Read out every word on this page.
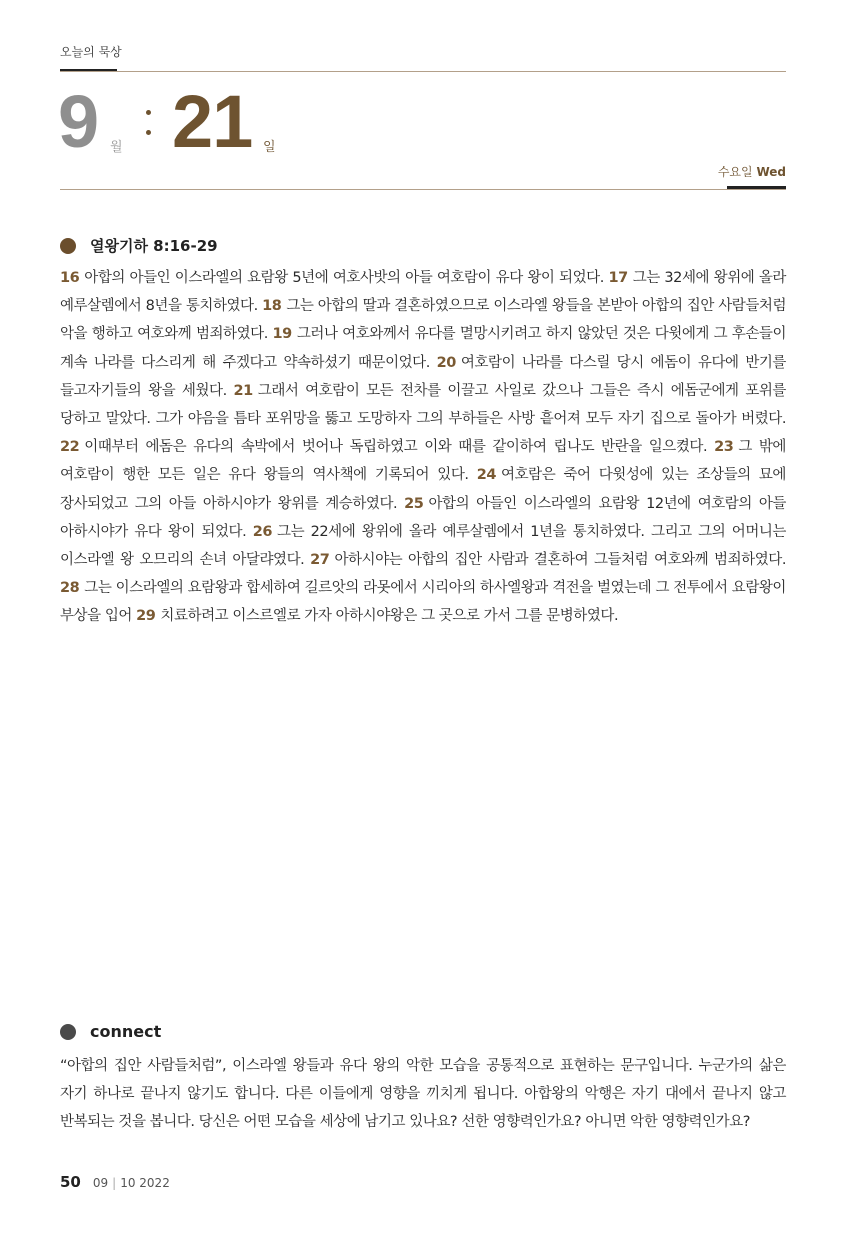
오늘의 묵상
9 월 21 일
수요일 Wed
열왕기하 8:16-29
16 아합의 아들인 이스라엘의 요람왕 5년에 여호사밧의 아들 여호람이 유다 왕이 되었다. 17 그는 32세에 왕위에 올라 예루살렘에서 8년을 통치하였다. 18 그는 아합의 딸과 결혼하였으므로 이스라엘 왕들을 본받아 아합의 집안 사람들처럼 악을 행하고 여호와께 범죄하였다. 19 그러나 여호와께서 유다를 멸망시키려고 하지 않았던 것은 다윗에게 그 후손들이 계속 나라를 다스리게 해 주겠다고 약속하셨기 때문이었다. 20 여호람이 나라를 다스릴 당시 에돔이 유다에 반기를 들고자기들의 왕을 세웠다. 21 그래서 여호람이 모든 전차를 이끌고 사일로 갔으나 그들은 즉시 에돔군에게 포위를 당하고 말았다. 그가 야음을 틈타 포위망을 뚫고 도망하자 그의 부하들은 사방 흩어져 모두 자기 집으로 돌아가 버렸다. 22 이때부터 에돔은 유다의 속박에서 벗어나 독립하였고 이와 때를 같이하여 립나도 반란을 일으켰다. 23 그 밖에 여호람이 행한 모든 일은 유다 왕들의 역사책에 기록되어 있다. 24 여호람은 죽어 다윗성에 있는 조상들의 묘에 장사되었고 그의 아들 아하시야가 왕위를 계승하였다. 25 아합의 아들인 이스라엘의 요람왕 12년에 여호람의 아들 아하시야가 유다 왕이 되었다. 26 그는 22세에 왕위에 올라 예루살렘에서 1년을 통치하였다. 그리고 그의 어머니는 이스라엘 왕 오므리의 손녀 아달랴였다. 27 아하시야는 아합의 집안 사람과 결혼하여 그들처럼 여호와께 범죄하였다. 28 그는 이스라엘의 요람왕과 합세하여 길르앗의 라못에서 시리아의 하사엘왕과 격전을 벌였는데 그 전투에서 요람왕이 부상을 입어 29 치료하려고 이스르엘로 가자 아하시야왕은 그 곳으로 가서 그를 문병하였다.
connect
“아합의 집안 사람들처럼”, 이스라엘 왕들과 유다 왕의 악한 모습을 공통적으로 표현하는 문구입니다. 누군가의 삶은 자기 하나로 끝나지 않기도 합니다. 다른 이들에게 영향을 끼치게 됩니다. 아합왕의 악행은 자기 대에서 끝나지 않고 반복되는 것을 봅니다. 당신은 어떤 모습을 세상에 남기고 있나요? 선한 영향력인가요? 아니면 악한 영향력인가요?
50 09 | 10 2022
